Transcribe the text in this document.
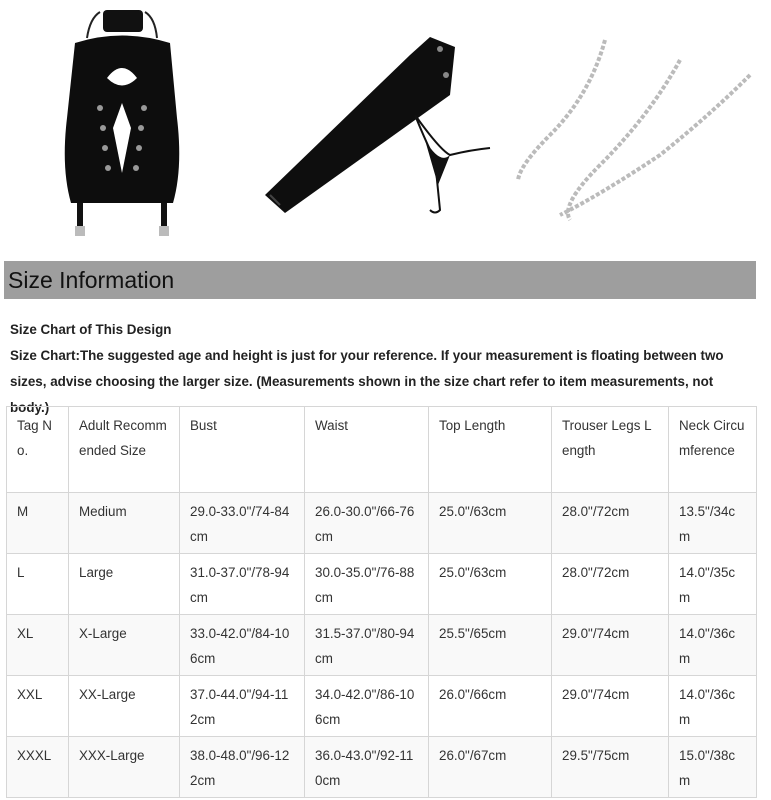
Size Information

Size Chart of This Design

Size Chart:The suggested age and height is just for your reference. If your measurement is floating between two sizes, advise choosing the larger size. (Measurements shown in the size chart refer to item measurements, not body.)

Tag No.	Adult Recommended Size	Bust	Waist	Top Length	Trouser Legs Length	Neck Circumference
M	Medium	29.0-33.0"/74-84cm	26.0-30.0"/66-76cm	25.0"/63cm	28.0"/72cm	13.5"/34cm
L	Large	31.0-37.0"/78-94cm	30.0-35.0"/76-88cm	25.0"/63cm	28.0"/72cm	14.0"/35cm
XL	X-Large	33.0-42.0"/84-106cm	31.5-37.0"/80-94cm	25.5"/65cm	29.0"/74cm	14.0"/36cm
XXL	XX-Large	37.0-44.0"/94-112cm	34.0-42.0"/86-106cm	26.0"/66cm	29.0"/74cm	14.0"/36cm
XXXL	XXX-Large	38.0-48.0"/96-122cm	36.0-43.0"/92-110cm	26.0"/67cm	29.5"/75cm	15.0"/38cm
